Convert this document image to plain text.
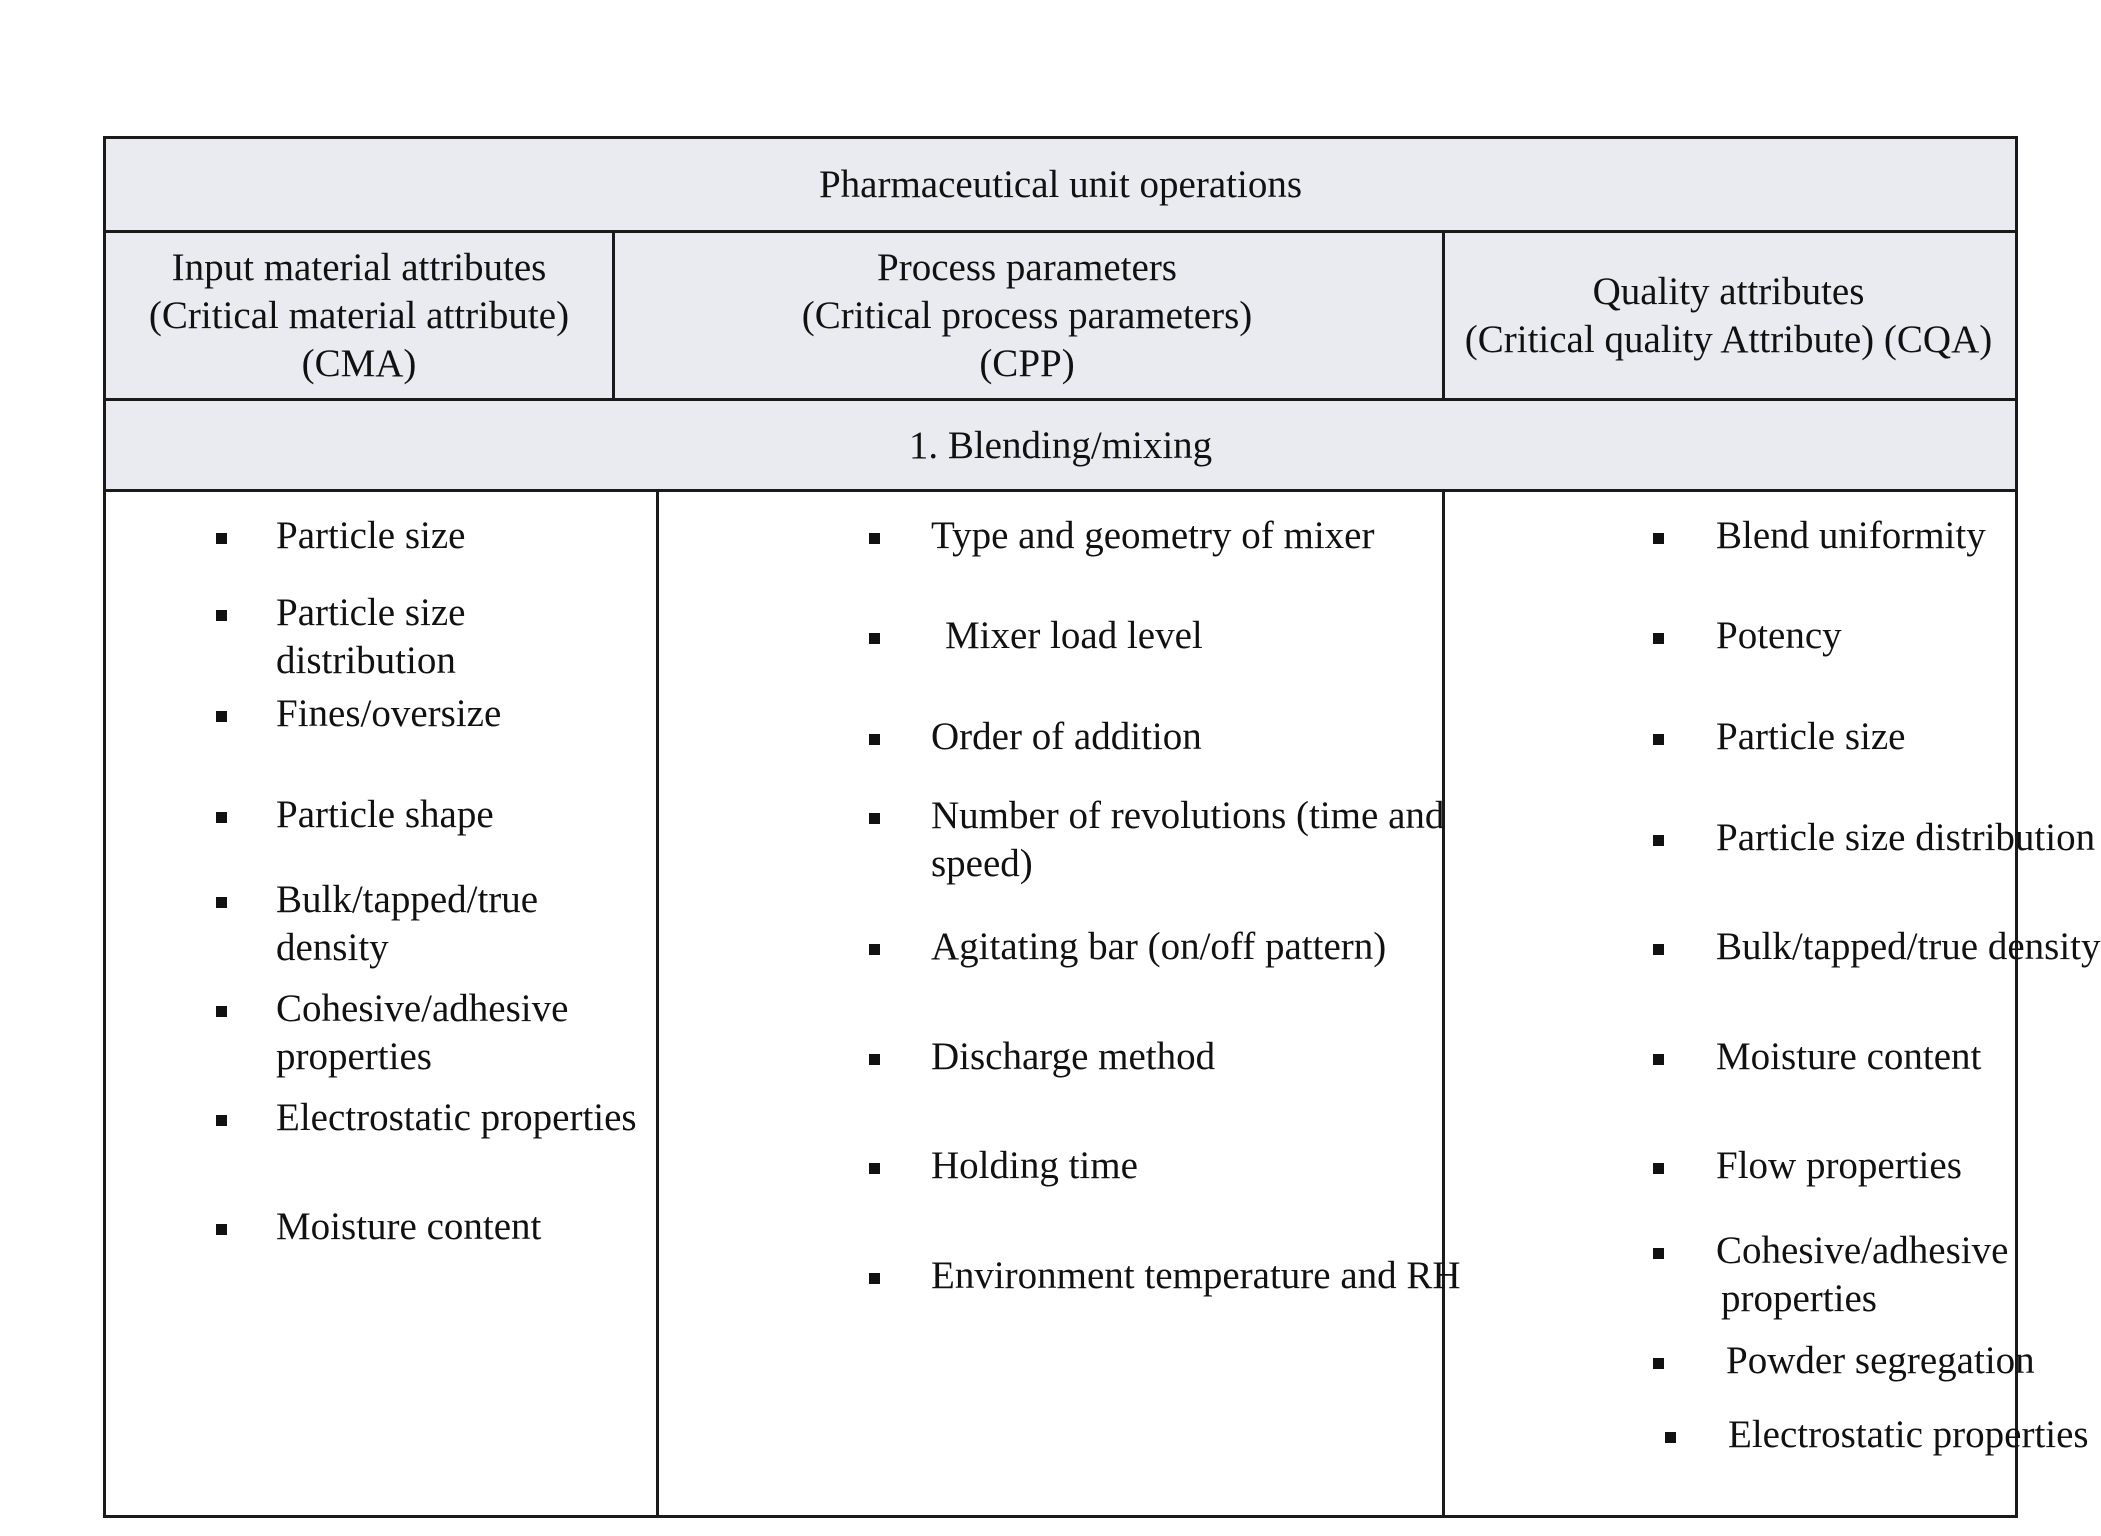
Pharmaceutical unit operations
Input material attributes
(Critical material attribute)
(CMA)
Process parameters
(Critical process parameters)
(CPP)
Quality attributes
(Critical quality Attribute) (CQA)
1. Blending/mixing
Particle size
Particle size
distribution
Fines/oversize
Particle shape
Bulk/tapped/true
density
Cohesive/adhesive
properties
Electrostatic properties
Moisture content
Type and geometry of mixer
Mixer load level
Order of addition
Number of revolutions (time and
speed)
Agitating bar (on/off pattern)
Discharge method
Holding time
Environment temperature and RH
Blend uniformity
Potency
Particle size
Particle size distribution
Bulk/tapped/true density
Moisture content
Flow properties
Cohesive/adhesive
properties
Powder segregation
Electrostatic properties
